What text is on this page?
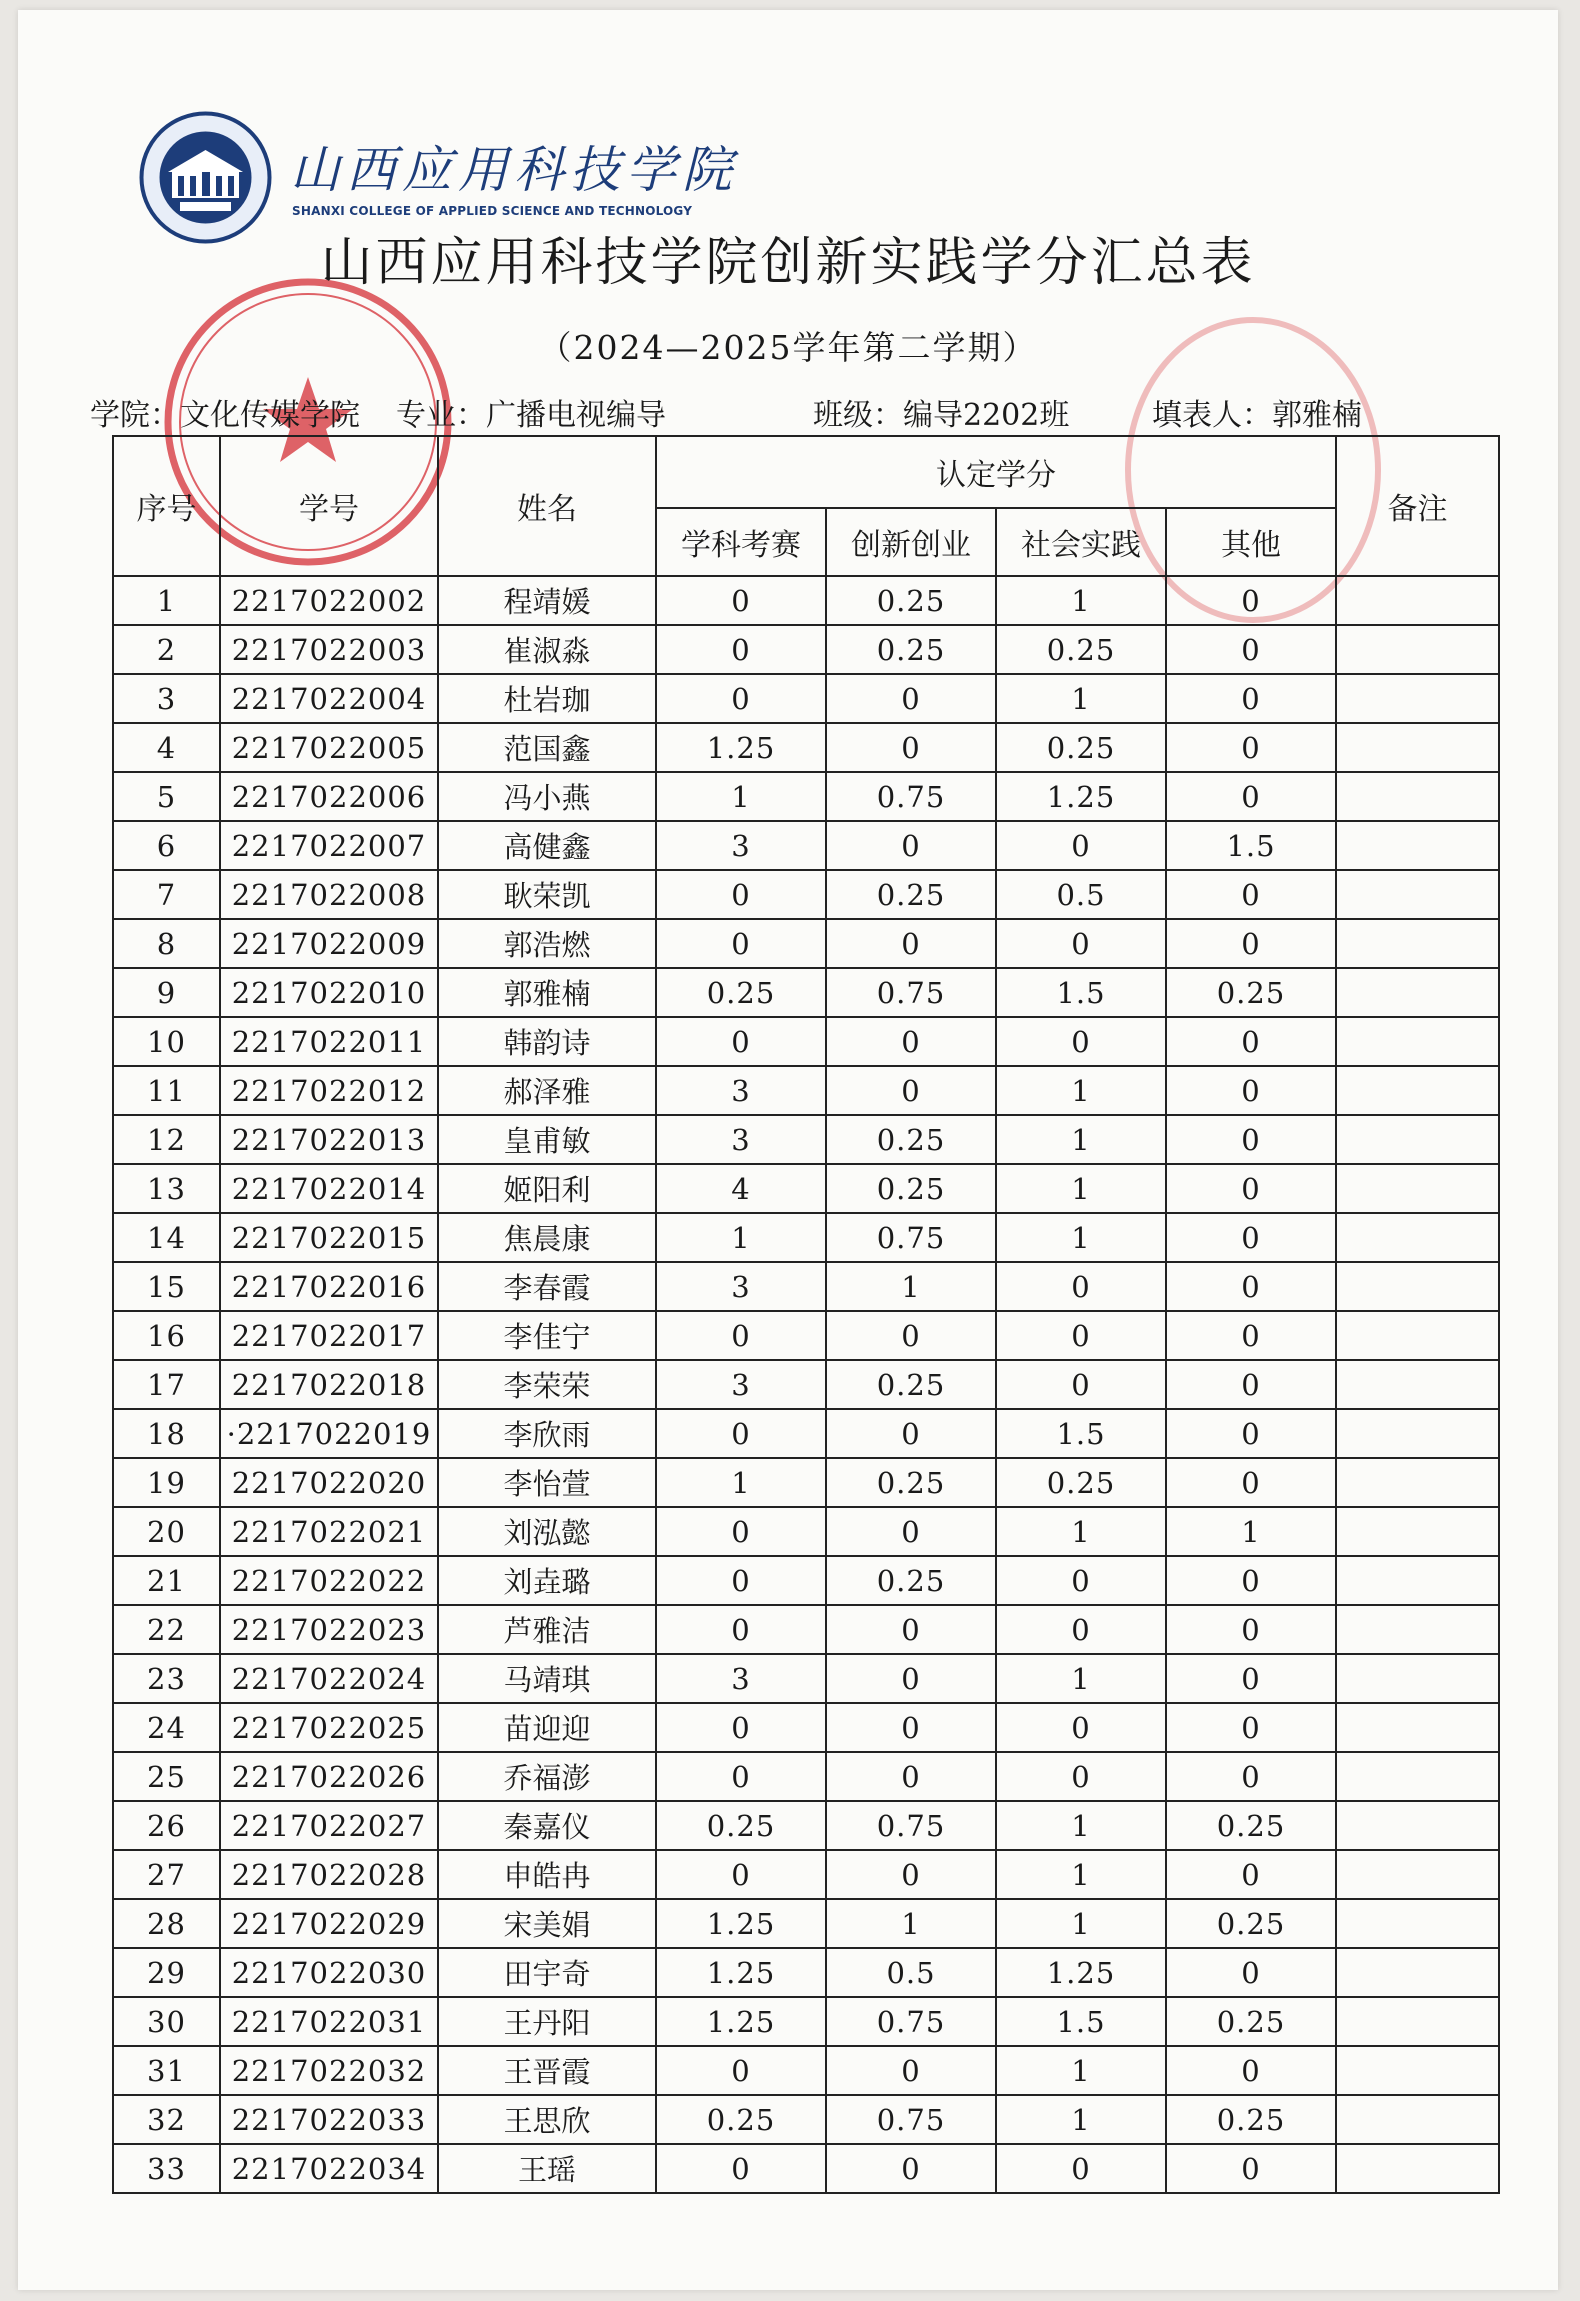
山西应用科技学院
SHANXI COLLEGE OF APPLIED SCIENCE AND TECHNOLOGY
山西应用科技学院创新实践学分汇总表
（2024—2025学年第二学期）
学院：文化传媒学院 专业：广播电视编导	班级：编导2202班	填表人：郭雅楠
序号	学号	姓名	认定学分				备注
			学科考赛	创新创业	社会实践	其他	
1	2217022002	程靖媛	0	0.25	1	0	
2	2217022003	崔淑淼	0	0.25	0.25	0	
3	2217022004	杜岩珈	0	0	1	0	
4	2217022005	范国鑫	1.25	0	0.25	0	
5	2217022006	冯小燕	1	0.75	1.25	0	
6	2217022007	高健鑫	3	0	0	1.5	
7	2217022008	耿荣凯	0	0.25	0.5	0	
8	2217022009	郭浩燃	0	0	0	0	
9	2217022010	郭雅楠	0.25	0.75	1.5	0.25	
10	2217022011	韩韵诗	0	0	0	0	
11	2217022012	郝泽雅	3	0	1	0	
12	2217022013	皇甫敏	3	0.25	1	0	
13	2217022014	姬阳利	4	0.25	1	0	
14	2217022015	焦晨康	1	0.75	1	0	
15	2217022016	李春霞	3	1	0	0	
16	2217022017	李佳宁	0	0	0	0	
17	2217022018	李荣荣	3	0.25	0	0	
18	·2217022019	李欣雨	0	0	1.5	0	
19	2217022020	李怡萱	1	0.25	0.25	0	
20	2217022021	刘泓懿	0	0	1	1	
21	2217022022	刘垚璐	0	0.25	0	0	
22	2217022023	芦雅洁	0	0	0	0	
23	2217022024	马靖琪	3	0	1	0	
24	2217022025	苗迎迎	0	0	0	0	
25	2217022026	乔福澎	0	0	0	0	
26	2217022027	秦嘉仪	0.25	0.75	1	0.25	
27	2217022028	申皓冉	0	0	1	0	
28	2217022029	宋美娟	1.25	1	1	0.25	
29	2217022030	田宇奇	1.25	0.5	1.25	0	
30	2217022031	王丹阳	1.25	0.75	1.5	0.25	
31	2217022032	王晋霞	0	0	1	0	
32	2217022033	王思欣	0.25	0.75	1	0.25	
33	2217022034	王瑶	0	0	0	0	
